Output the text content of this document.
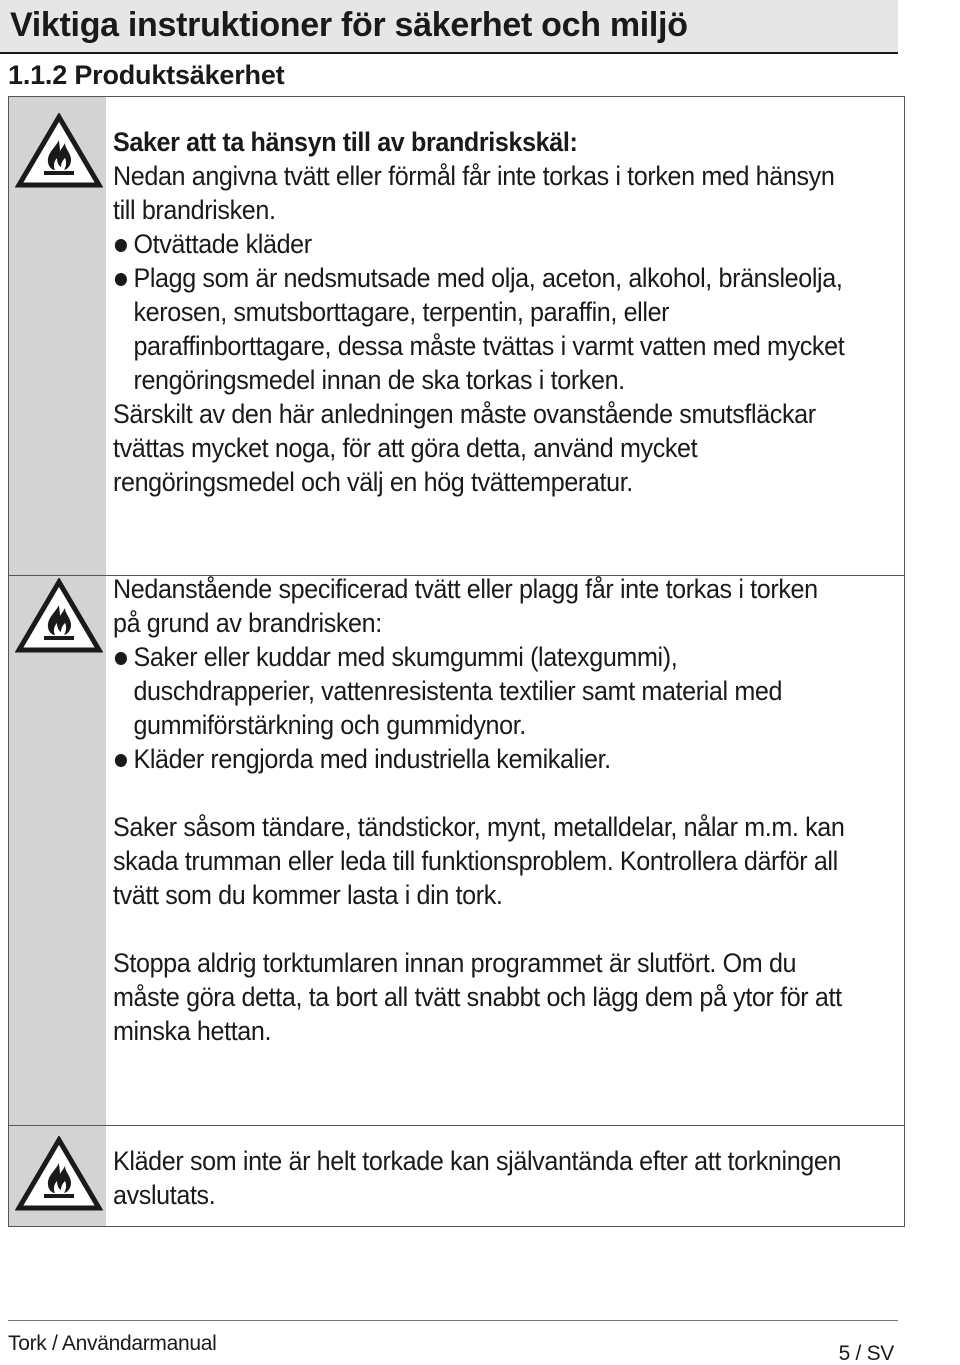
Viktiga instruktioner för säkerhet och miljö
1.1.2 Produktsäkerhet

Saker att ta hänsyn till av brandriskskäl:

Nedan angivna tvätt eller förmål får inte torkas i torken med hänsyn till brandrisken.

Otvättade kläder

Plagg som är nedsmutsade med olja, aceton, alkohol, bränsleolja, kerosen, smutsborttagare, terpentin, paraffin, eller paraffinborttagare, dessa måste tvättas i varmt vatten med mycket rengöringsmedel innan de ska torkas i torken.

Särskilt av den här anledningen måste ovanstående smutsfläckar tvättas mycket noga, för att göra detta, använd mycket rengöringsmedel och välj en hög tvättemperatur.

Nedanstående specificerad tvätt eller plagg får inte torkas i torken på grund av brandrisken:

Saker eller kuddar med skumgummi (latexgummi), duschdrapperier, vattenresistenta textilier samt material med gummiförstärkning och gummidynor.

Kläder rengjorda med industriella kemikalier.

Saker såsom tändare, tändstickor, mynt, metalldelar, nålar m.m. kan skada trumman eller leda till funktionsproblem. Kontrollera därför all tvätt som du kommer lasta i din tork.

Stoppa aldrig torktumlaren innan programmet är slutfört. Om du måste göra detta, ta bort all tvätt snabbt och lägg dem på ytor för att minska hettan.

Kläder som inte är helt torkade kan självantända efter att torkningen avslutats.

Tork / Användarmanual	5 / SV
